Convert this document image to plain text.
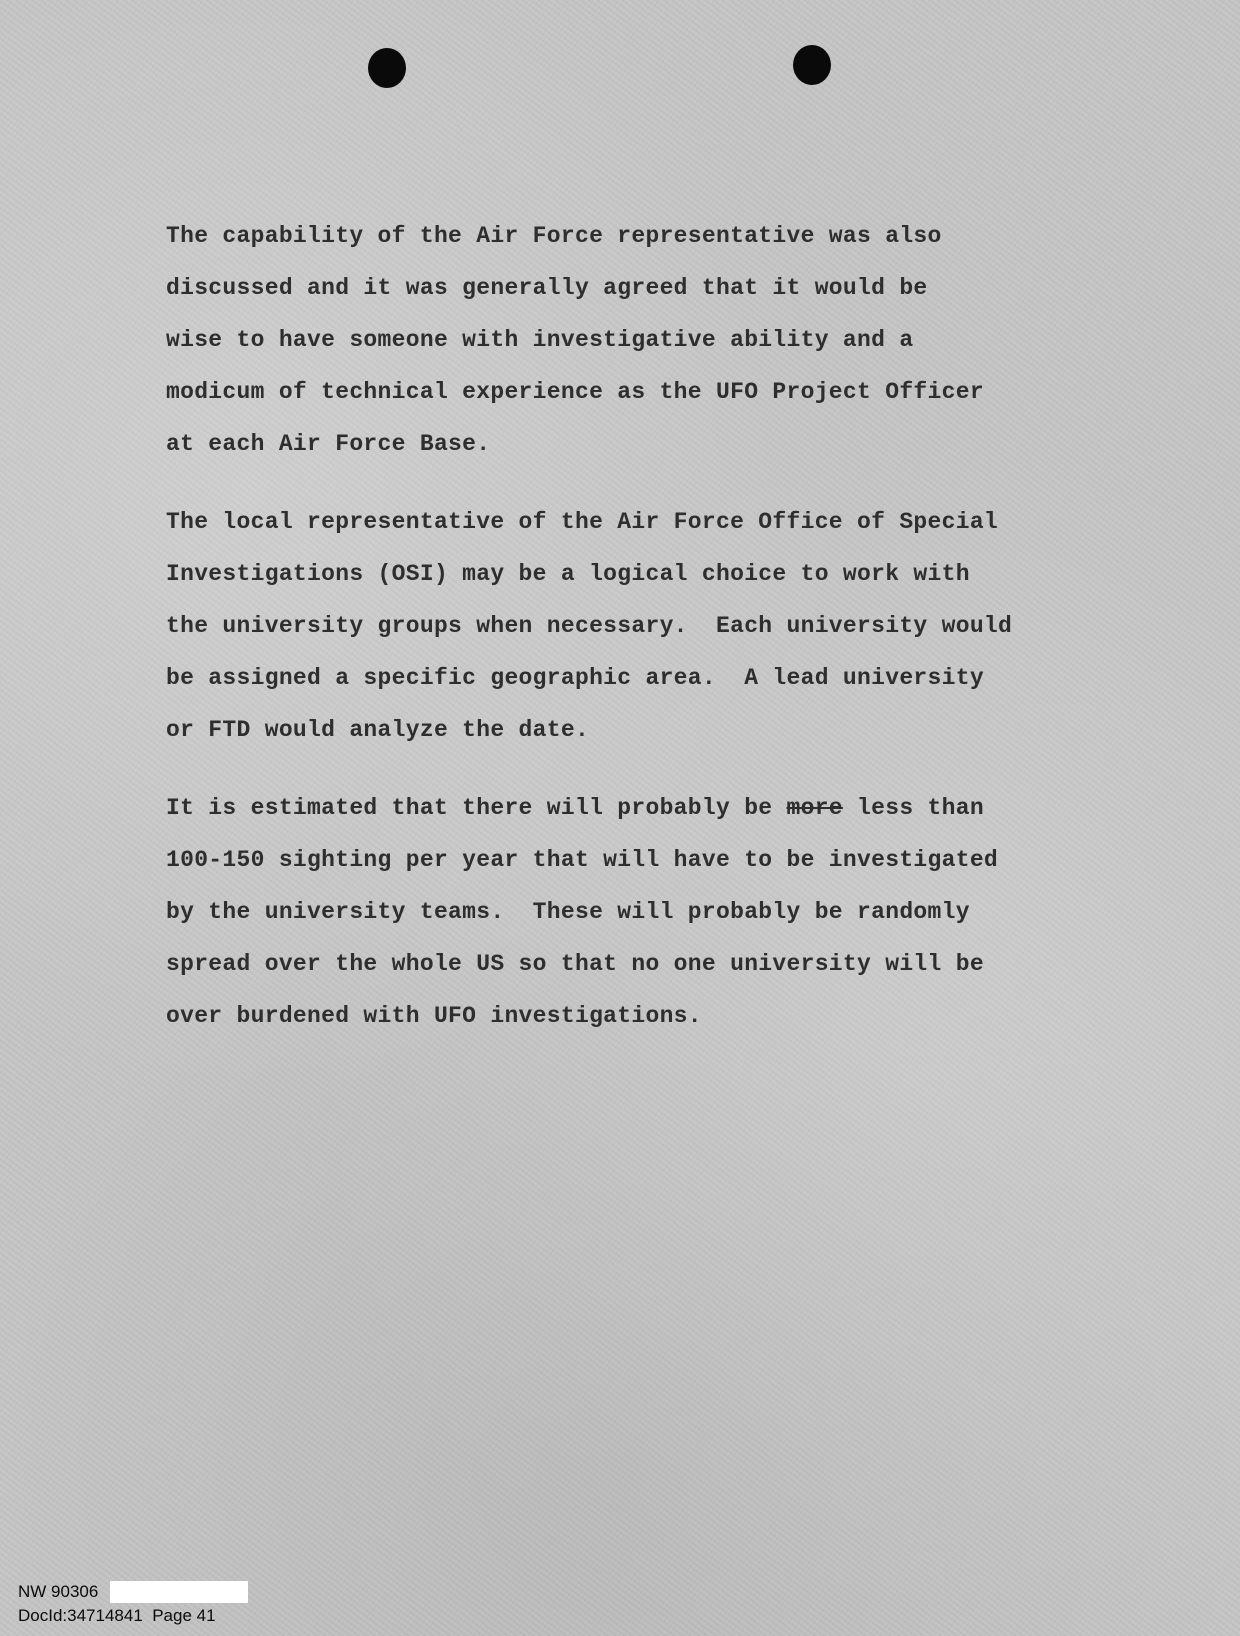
The capability of the Air Force representative was also
discussed and it was generally agreed that it would be
wise to have someone with investigative ability and a
modicum of technical experience as the UFO Project Officer
at each Air Force Base.
The local representative of the Air Force Office of Special
Investigations (OSI) may be a logical choice to work with
the university groups when necessary.  Each university would
be assigned a specific geographic area.  A lead university
or FTD would analyze the date.
It is estimated that there will probably be more less than
100-150 sighting per year that will have to be investigated
by the university teams.  These will probably be randomly
spread over the whole US so that no one university will be
over burdened with UFO investigations.
NW 90306
DocId:34714841  Page 41
